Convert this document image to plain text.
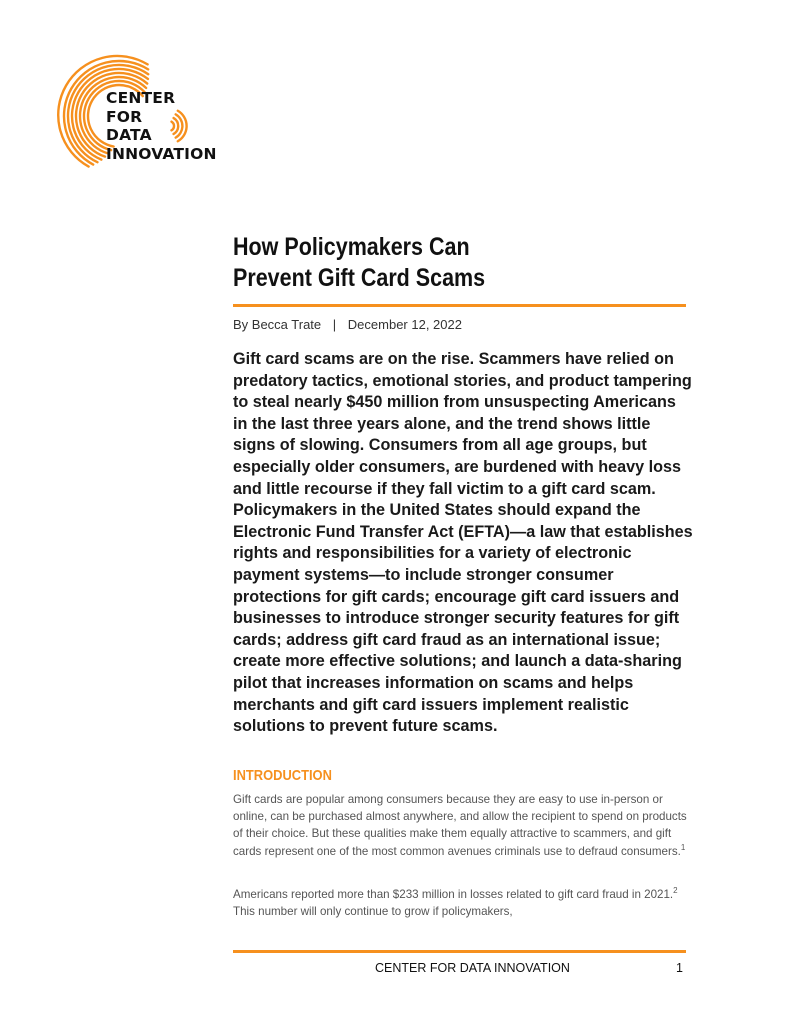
CENTER
FOR
DATA
INNOVATION
How Policymakers Can
Prevent Gift Card Scams
By Becca Trate | December 12, 2022

Gift card scams are on the rise. Scammers have relied on predatory tactics, emotional stories, and product tampering to steal nearly $450 million from unsuspecting Americans in the last three years alone, and the trend shows little signs of slowing. Consumers from all age groups, but especially older consumers, are burdened with heavy loss and little recourse if they fall victim to a gift card scam. Policymakers in the United States should expand the Electronic Fund Transfer Act (EFTA)—a law that establishes rights and responsibilities for a variety of electronic payment systems—to include stronger consumer protections for gift cards; encourage gift card issuers and businesses to introduce stronger security features for gift cards; address gift card fraud as an international issue; create more effective solutions; and launch a data-sharing pilot that increases information on scams and helps merchants and gift card issuers implement realistic solutions to prevent future scams.

INTRODUCTION

Gift cards are popular among consumers because they are easy to use in-person or online, can be purchased almost anywhere, and allow the recipient to spend on products of their choice. But these qualities make them equally attractive to scammers, and gift cards represent one of the most common avenues criminals use to defraud consumers.$^1$

Americans reported more than $233 million in losses related to gift card fraud in 2021.$^2$ This number will only continue to grow if policymakers,

CENTER FOR DATA INNOVATION	1
